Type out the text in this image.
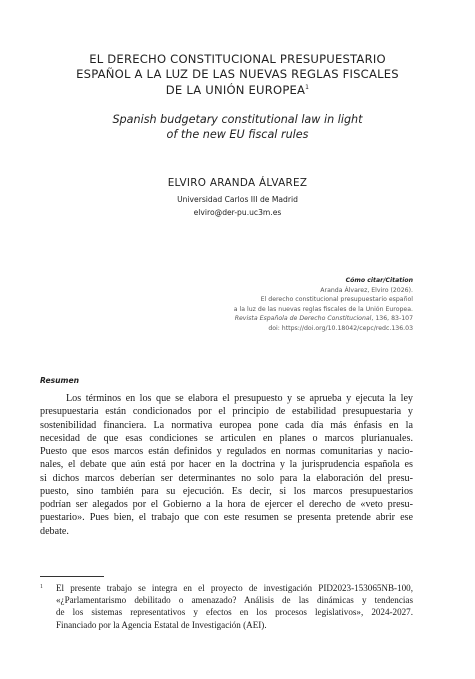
EL DERECHO CONSTITUCIONAL PRESUPUESTARIO
ESPAÑOL A LA LUZ DE LAS NUEVAS REGLAS FISCALES
DE LA UNIÓN EUROPEA$^1$
Spanish budgetary constitutional law in light
of the new EU fiscal rules
ELVIRO ARANDA ÁLVAREZ
Universidad Carlos III de Madrid
elviro@der-pu.uc3m.es
Cómo citar/Citation
Aranda Álvarez, Elviro (2026).
El derecho constitucional presupuestario español
a la luz de las nuevas reglas fiscales de la Unión Europea.
Revista Española de Derecho Constitucional, 136, 83-107
doi: https://doi.org/10.18042/cepc/redc.136.03
Resumen
Los términos en los que se elabora el presupuesto y se aprueba y ejecuta la ley
presupuestaria están condicionados por el principio de estabilidad presupuestaria y
sostenibilidad financiera. La normativa europea pone cada día más énfasis en la
necesidad de que esas condiciones se articulen en planes o marcos plurianuales.
Puesto que esos marcos están definidos y regulados en normas comunitarias y nacio-
nales, el debate que aún está por hacer en la doctrina y la jurisprudencia española es
si dichos marcos deberían ser determinantes no solo para la elaboración del presu-
puesto, sino también para su ejecución. Es decir, si los marcos presupuestarios
podrían ser alegados por el Gobierno a la hora de ejercer el derecho de «veto presu-
puestario». Pues bien, el trabajo que con este resumen se presenta pretende abrir ese
debate.
1 El presente trabajo se integra en el proyecto de investigación PID2023-153065NB-100,
«¿Parlamentarismo debilitado o amenazado? Análisis de las dinámicas y tendencias
de los sistemas representativos y efectos en los procesos legislativos», 2024-2027.
Financiado por la Agencia Estatal de Investigación (AEI).
